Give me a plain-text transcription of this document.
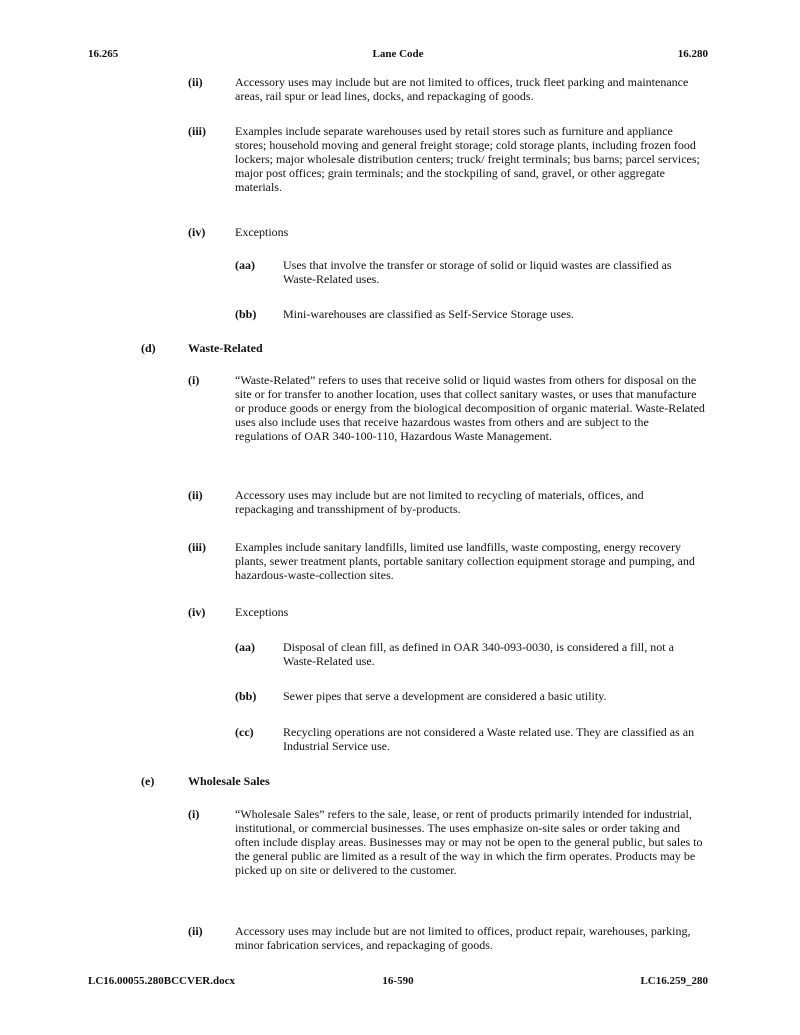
16.265	Lane Code	16.280
(ii)	Accessory uses may include but are not limited to offices, truck fleet parking and maintenance areas, rail spur or lead lines, docks, and repackaging of goods.
(iii) Examples include separate warehouses used by retail stores such as furniture and appliance stores; household moving and general freight storage; cold storage plants, including frozen food lockers; major wholesale distribution centers; truck/ freight terminals; bus barns; parcel services; major post offices; grain terminals; and the stockpiling of sand, gravel, or other aggregate materials.
(iv) Exceptions
(aa) Uses that involve the transfer or storage of solid or liquid wastes are classified as Waste-Related uses.
(bb) Mini-warehouses are classified as Self-Service Storage uses.
(d)	Waste-Related
(i)	“Waste-Related” refers to uses that receive solid or liquid wastes from others for disposal on the site or for transfer to another location, uses that collect sanitary wastes, or uses that manufacture or produce goods or energy from the biological decomposition of organic material. Waste-Related uses also include uses that receive hazardous wastes from others and are subject to the regulations of OAR 340-100-110, Hazardous Waste Management.
(ii)	Accessory uses may include but are not limited to recycling of materials, offices, and repackaging and transshipment of by-products.
(iii) Examples include sanitary landfills, limited use landfills, waste composting, energy recovery plants, sewer treatment plants, portable sanitary collection equipment storage and pumping, and hazardous-waste-collection sites.
(iv) Exceptions
(aa) Disposal of clean fill, as defined in OAR 340-093-0030, is considered a fill, not a Waste-Related use.
(bb) Sewer pipes that serve a development are considered a basic utility.
(cc) Recycling operations are not considered a Waste related use. They are classified as an Industrial Service use.
(e)	Wholesale Sales
(i)	“Wholesale Sales” refers to the sale, lease, or rent of products primarily intended for industrial, institutional, or commercial businesses. The uses emphasize on-site sales or order taking and often include display areas. Businesses may or may not be open to the general public, but sales to the general public are limited as a result of the way in which the firm operates. Products may be picked up on site or delivered to the customer.
(ii)	Accessory uses may include but are not limited to offices, product repair, warehouses, parking, minor fabrication services, and repackaging of goods.
LC16.00055.280BCCVER.docx	16-590	LC16.259_280
